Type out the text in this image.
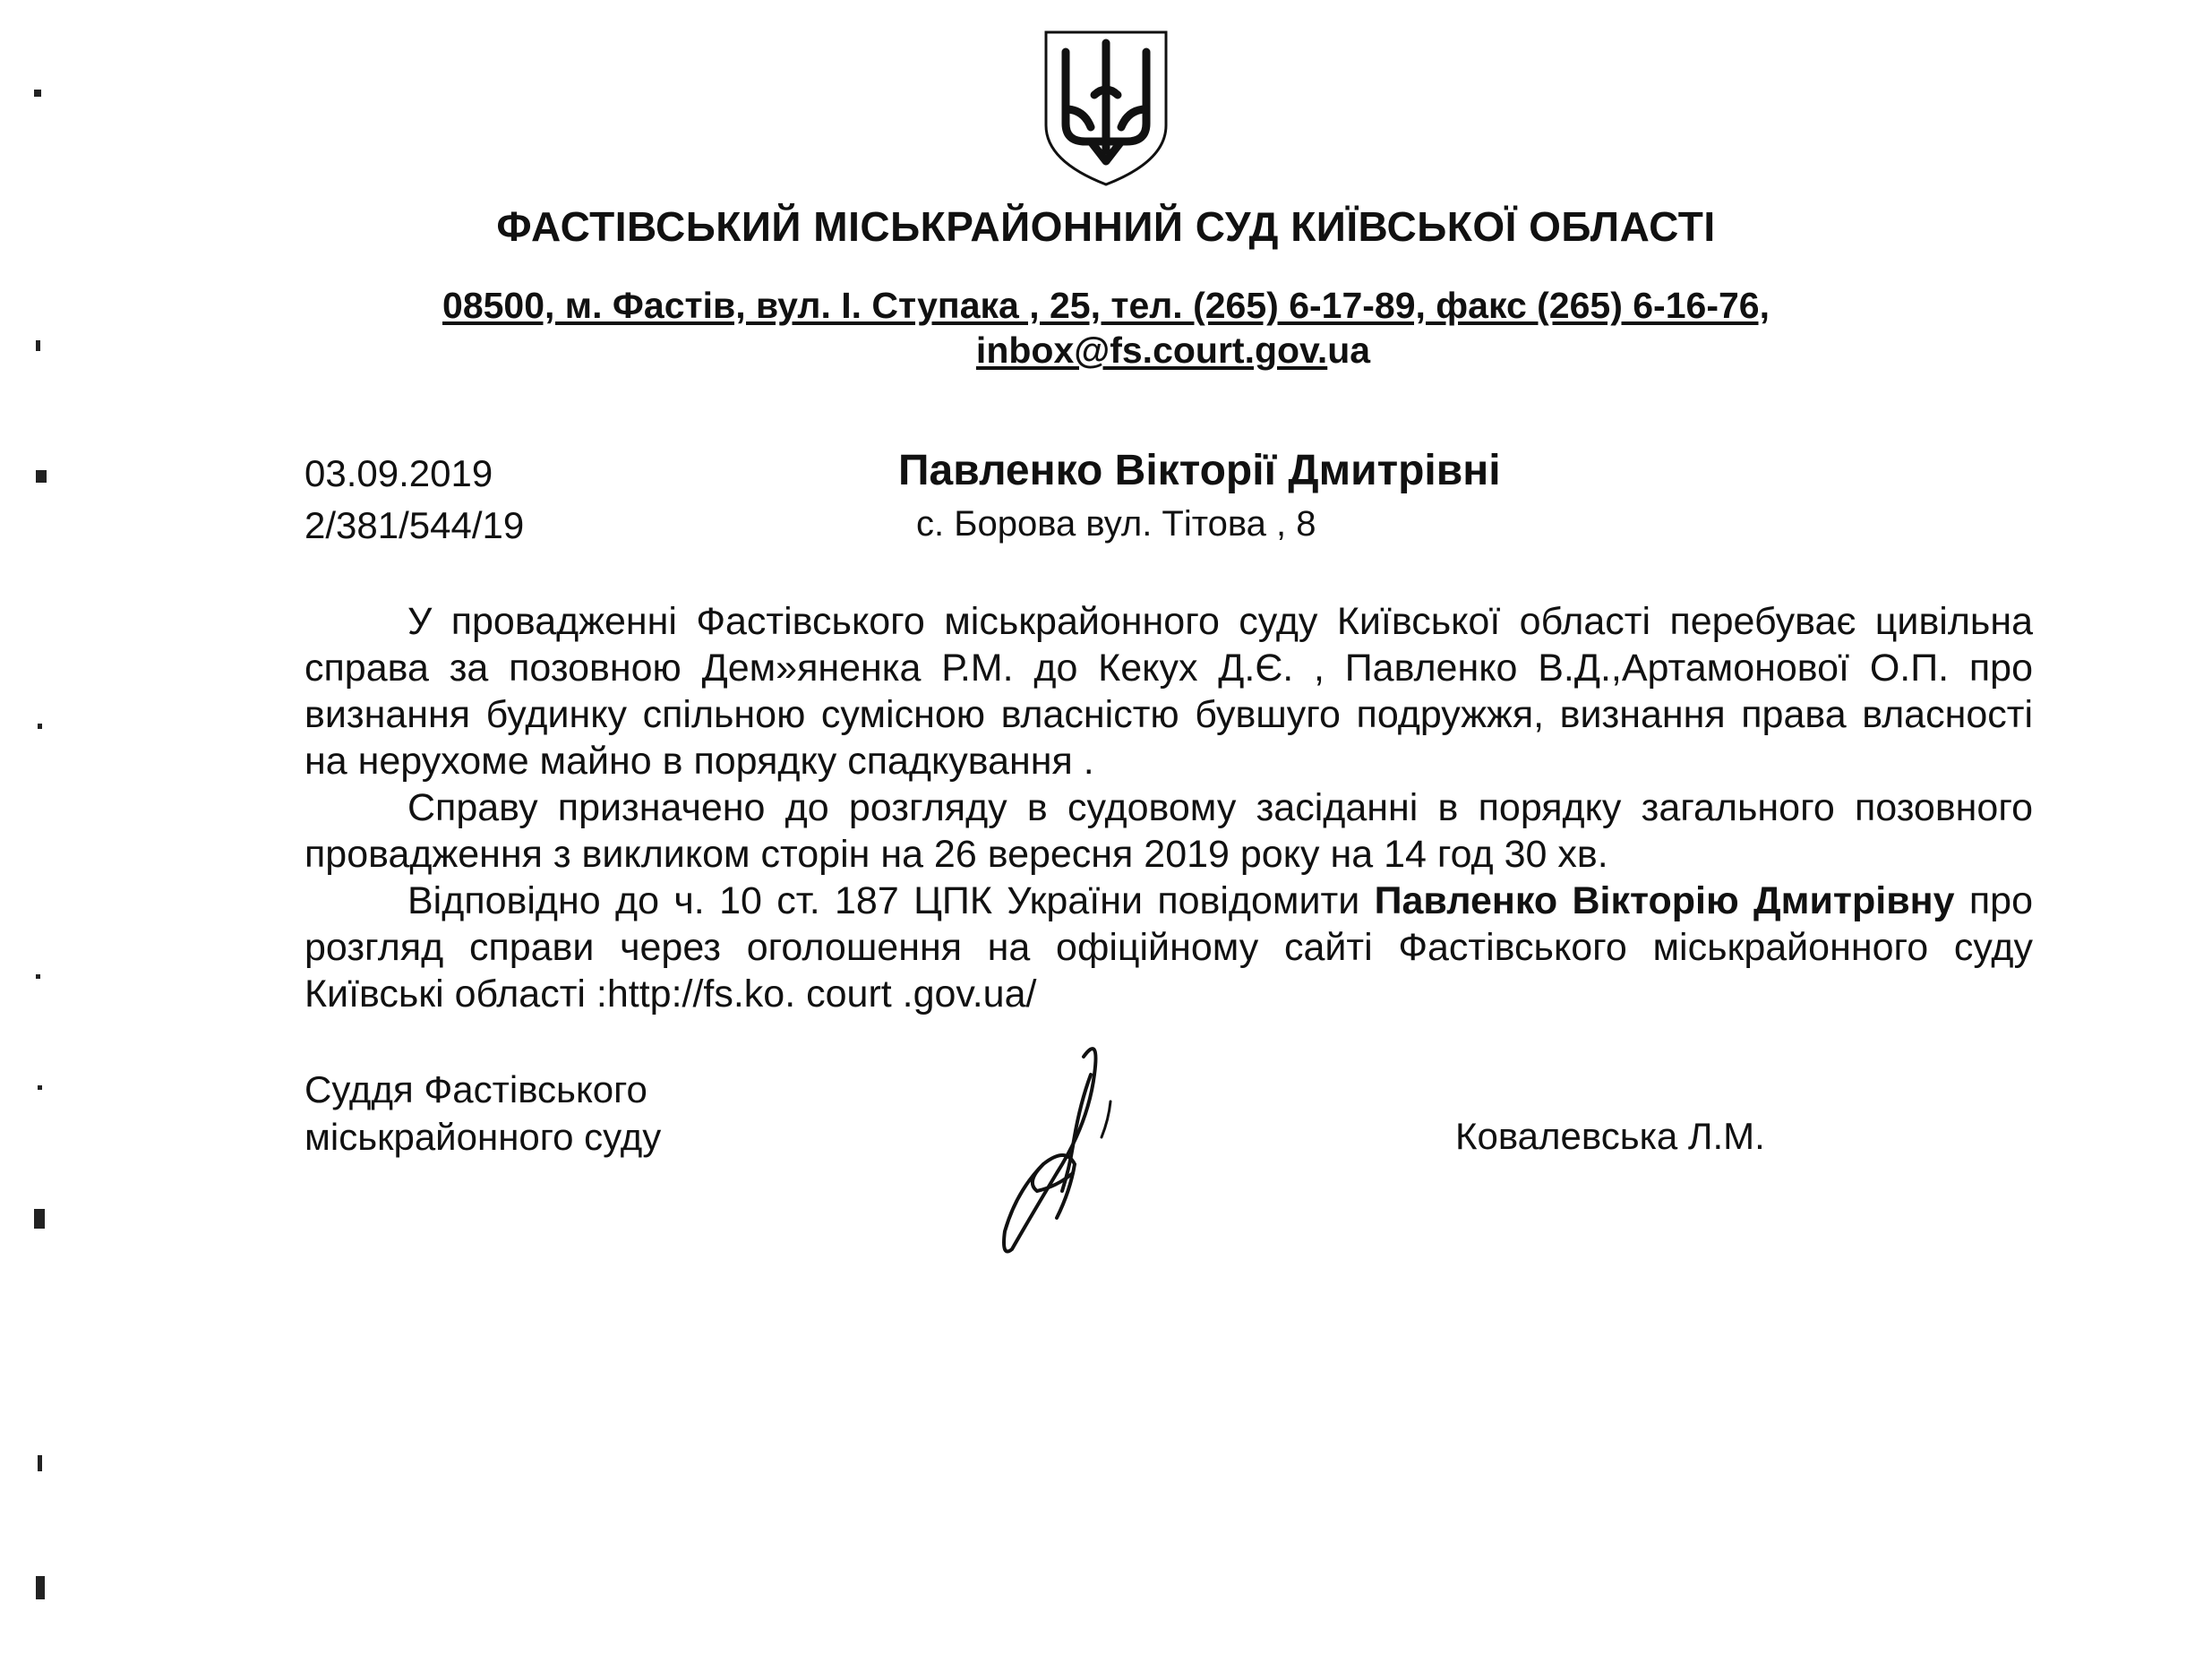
ФАСТІВСЬКИЙ МІСЬКРАЙОННИЙ СУД КИЇВСЬКОЇ ОБЛАСТІ
08500, м. Фастів, вул. І. Ступака , 25, тел. (265) 6-17-89, факс (265) 6-16-76,
inbox@fs.court.gov.ua
03.09.2019
2/381/544/19
Павленко Вікторії Дмитрівні
с. Борова вул. Тітова , 8

У провадженні Фастівського міськрайонного суду Київської області перебуває цивільна справа за позовною Дем»яненка Р.М. до Кекух Д.Є. , Павленко В.Д.,Артамонової О.П. про визнання будинку спільною сумісною власністю бувшуго подружжя, визнання права власності на нерухоме майно в порядку спадкування .

Справу призначено до розгляду в судовому засіданні в порядку загального позовного провадження з викликом сторін на 26 вересня 2019 року на 14 год 30 хв.

Відповідно до ч. 10 ст. 187 ЦПК України повідомити Павленко Вікторію Дмитрівну про розгляд справи через оголошення на офіційному сайті Фастівського міськрайонного суду Київські області :http://fs.ko. court .gov.ua/

Суддя Фастівського
міськрайонного суду	Ковалевська Л.М.
